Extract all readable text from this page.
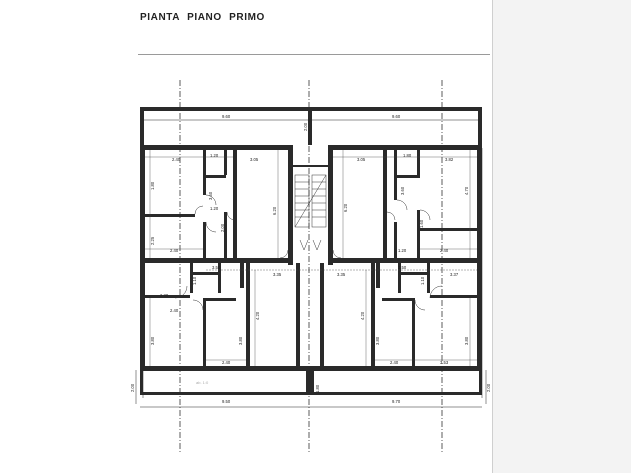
PIANTA PIANO PRIMO

9.60
2.00
9.60
2.40
1.20
3.05	3.05
1.80
3.82
1.80
3.60
2.25
2.40
6.20
1.20
2.00
6.20
3.60	4.70
2.40
1.20
1.60
3.50
3.35	3.35
3.50
3.37
1.10	1.10
2.30
2.40
3.80	3.80
4.20	4.20
3.80	3.80
2.40	2.40	3.53
9.50	9.70
2.00	2.00
1.80
ab. 1:0
